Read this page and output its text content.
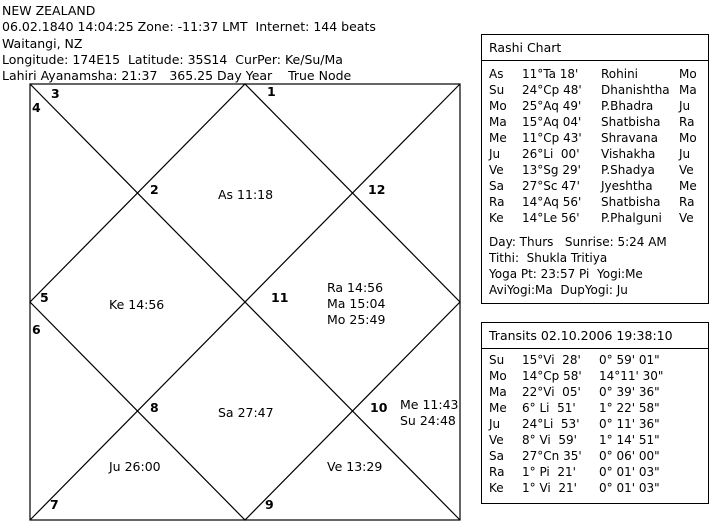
NEW ZEALAND
06.02.1840 14:04:25 Zone: -11:37 LMT  Internet: 144 beats
Waitangi, NZ
Longitude: 174E15  Latitude: 35S14  CurPer: Ke/Su/Ma
Lahiri Ayanamsha: 21:37   365.25 Day Year    True Node
1
2
3
4
5
6
7
8
9
10
11
12
As 11:18
Ke 14:56
Ra 14:56
Ma 15:04
Mo 25:49
Sa 27:47
Me 11:43
Su 24:48
Ju 26:00	Ve 13:29
Rashi Chart

As 11°Ta 18' Rohini	Mo

Su 24°Cp 48' Dhanishtha Ma

Mo 25°Aq 49' P.Bhadra Ju

Ma 15°Aq 04' Shatbisha Ra

Me 11°Cp 43' Shravana Mo

Ju 26°Li  00' Vishakha Ju

Ve 13°Sg 29' P.Shadya Ve

Sa 27°Sc 47' Jyeshtha Me

Ra 14°Aq 56' Shatbisha Ra

Ke 14°Le 56' P.Phalguni Ve

Day: Thurs   Sunrise: 5:24 AM
Tithi:  Shukla Tritiya
Yoga Pt: 23:57 Pi  Yogi:Me
AviYogi:Ma  DupYogi: Ju
Transits 02.10.2006 19:38:10

Su 15°Vi  28' 0° 59' 01"

Mo 14°Cp 58' 14°11' 30"

Ma 22°Vi  05' 0° 39' 36"

Me 6° Li  51' 1° 22' 58"

Ju 24°Li  53' 0° 11' 36"

Ve 8° Vi  59' 1° 14' 51"

Sa 27°Cn 35' 0° 06' 00"

Ra 1° Pi  21' 0° 01' 03"

Ke 1° Vi  21' 0° 01' 03"
